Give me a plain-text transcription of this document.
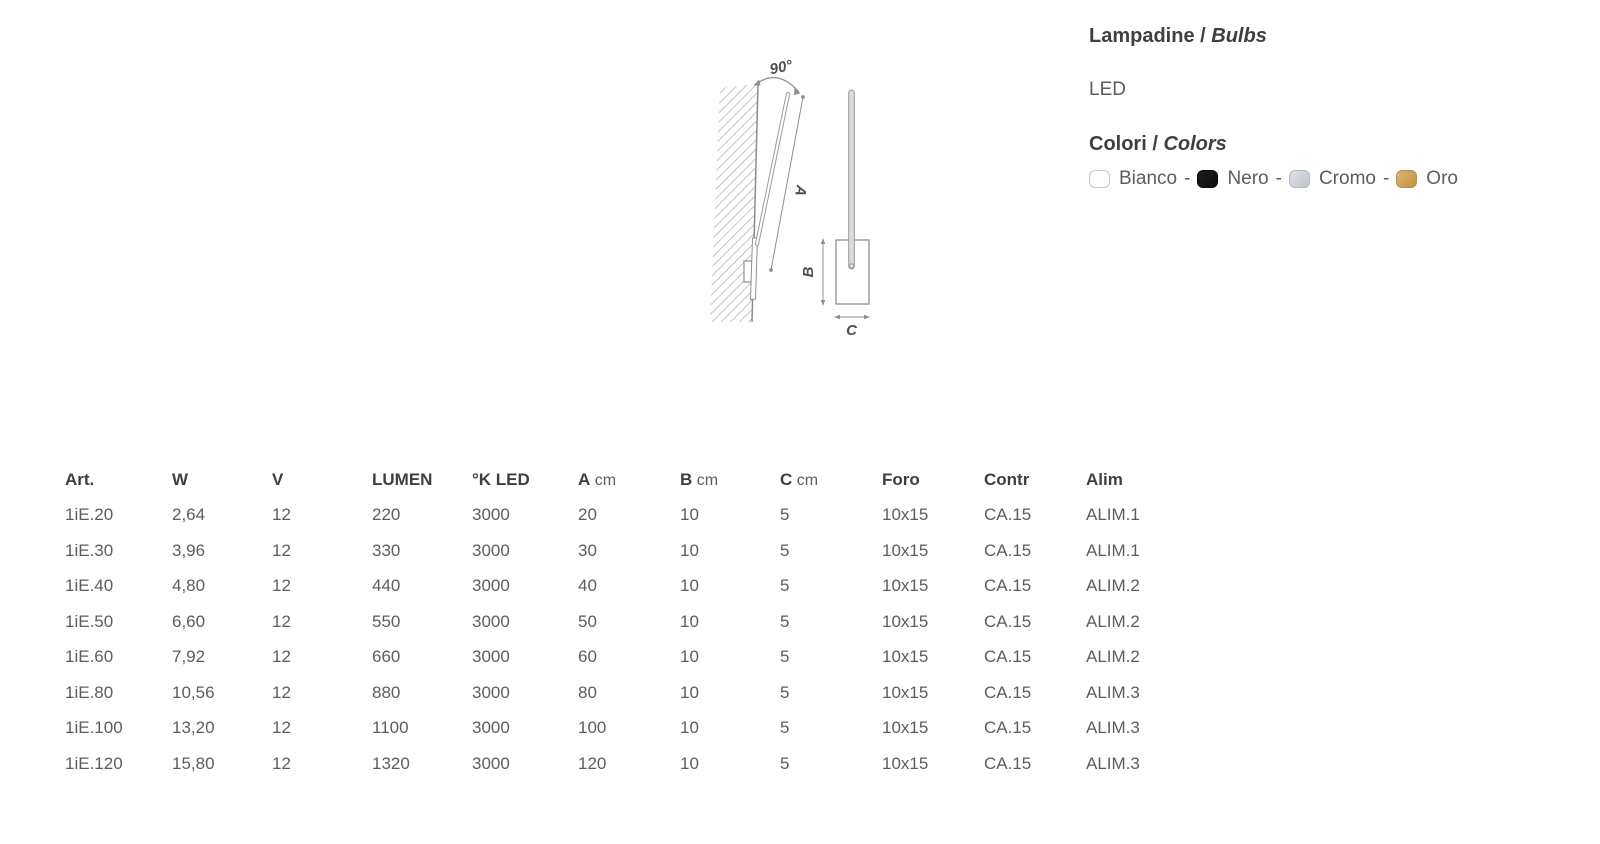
A
90°
B
C
Lampadine / Bulbs

LED

Colori / Colors
Bianco - Nero - Cromo - Oro
Art.	W	V	LUMEN	°K LED	A cm	B cm	C cm	Foro	Contr	Alim
1iE.20	2,64	12	220	3000	20	10	5	10x15	CA.15	ALIM.1
1iE.30	3,96	12	330	3000	30	10	5	10x15	CA.15	ALIM.1
1iE.40	4,80	12	440	3000	40	10	5	10x15	CA.15	ALIM.2
1iE.50	6,60	12	550	3000	50	10	5	10x15	CA.15	ALIM.2
1iE.60	7,92	12	660	3000	60	10	5	10x15	CA.15	ALIM.2
1iE.80	10,56	12	880	3000	80	10	5	10x15	CA.15	ALIM.3
1iE.100	13,20	12	1100	3000	100	10	5	10x15	CA.15	ALIM.3
1iE.120	15,80	12	1320	3000	120	10	5	10x15	CA.15	ALIM.3
